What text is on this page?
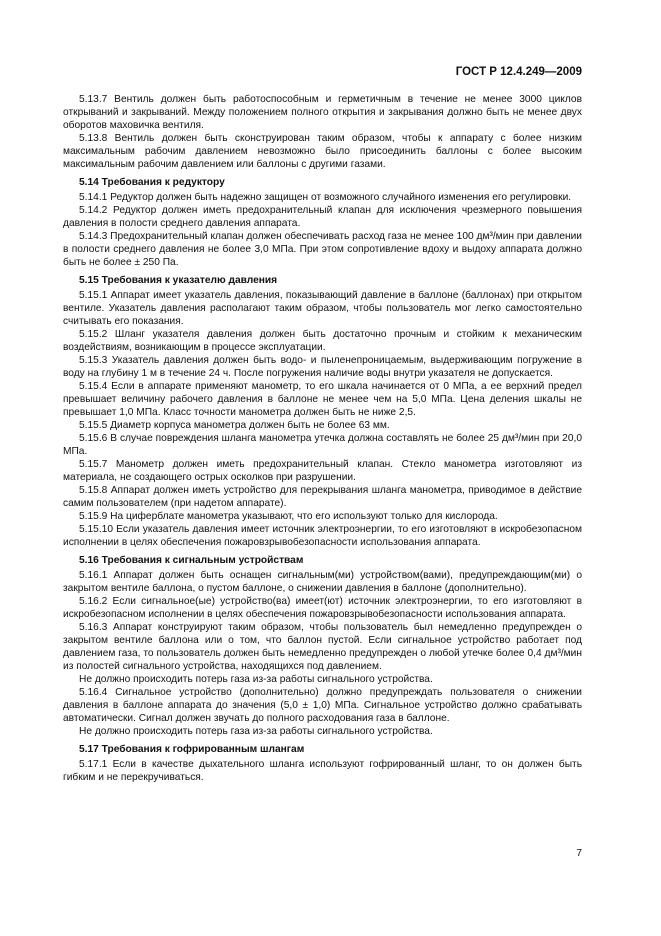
ГОСТ Р 12.4.249—2009

5.13.7 Вентиль должен быть работоспособным и герметичным в течение не менее 3000 циклов открываний и закрываний. Между положением полного открытия и закрывания должно быть не менее двух оборотов маховичка вентиля.

5.13.8 Вентиль должен быть сконструирован таким образом, чтобы к аппарату с более низким максимальным рабочим давлением невозможно было присоединить баллоны с более высоким максимальным рабочим давлением или баллоны с другими газами.

5.14 Требования к редуктору

5.14.1 Редуктор должен быть надежно защищен от возможного случайного изменения его регулировки.

5.14.2 Редуктор должен иметь предохранительный клапан для исключения чрезмерного повышения давления в полости среднего давления аппарата.

5.14.3 Предохранительный клапан должен обеспечивать расход газа не менее 100 дм³/мин при давлении в полости среднего давления не более 3,0 МПа. При этом сопротивление вдоху и выдоху аппарата должно быть не более ± 250 Па.

5.15 Требования к указателю давления

5.15.1 Аппарат имеет указатель давления, показывающий давление в баллоне (баллонах) при открытом вентиле. Указатель давления располагают таким образом, чтобы пользователь мог легко самостоятельно считывать его показания.

5.15.2 Шланг указателя давления должен быть достаточно прочным и стойким к механическим воздействиям, возникающим в процессе эксплуатации.

5.15.3 Указатель давления должен быть водо- и пыленепроницаемым, выдерживающим погружение в воду на глубину 1 м в течение 24 ч. После погружения наличие воды внутри указателя не допускается.

5.15.4 Если в аппарате применяют манометр, то его шкала начинается от 0 МПа, а ее верхний предел превышает величину рабочего давления в баллоне не менее чем на 5,0 МПа. Цена деления шкалы не превышает 1,0 МПа. Класс точности манометра должен быть не ниже 2,5.

5.15.5 Диаметр корпуса манометра должен быть не более 63 мм.

5.15.6 В случае повреждения шланга манометра утечка должна составлять не более 25 дм³/мин при 20,0 МПа.

5.15.7 Манометр должен иметь предохранительный клапан. Стекло манометра изготовляют из материала, не создающего острых осколков при разрушении.

5.15.8 Аппарат должен иметь устройство для перекрывания шланга манометра, приводимое в действие самим пользователем (при надетом аппарате).

5.15.9 На циферблате манометра указывают, что его используют только для кислорода.

5.15.10 Если указатель давления имеет источник электроэнергии, то его изготовляют в искробезопасном исполнении в целях обеспечения пожаровзрывобезопасности использования аппарата.

5.16 Требования к сигнальным устройствам

5.16.1 Аппарат должен быть оснащен сигнальным(ми) устройством(вами), предупреждающим(ми) о закрытом вентиле баллона, о пустом баллоне, о снижении давления в баллоне (дополнительно).

5.16.2 Если сигнальное(ые) устройство(ва) имеет(ют) источник электроэнергии, то его изготовляют в искробезопасном исполнении в целях обеспечения пожаровзрывобезопасности использования аппарата.

5.16.3 Аппарат конструируют таким образом, чтобы пользователь был немедленно предупрежден о закрытом вентиле баллона или о том, что баллон пустой. Если сигнальное устройство работает под давлением газа, то пользователь должен быть немедленно предупрежден о любой утечке более 0,4 дм³/мин из полостей сигнального устройства, находящихся под давлением.

Не должно происходить потерь газа из-за работы сигнального устройства.

5.16.4 Сигнальное устройство (дополнительно) должно предупреждать пользователя о снижении давления в баллоне аппарата до значения (5,0 ± 1,0) МПа. Сигнальное устройство должно срабатывать автоматически. Сигнал должен звучать до полного расходования газа в баллоне.

Не должно происходить потерь газа из-за работы сигнального устройства.

5.17 Требования к гофрированным шлангам

5.17.1 Если в качестве дыхательного шланга используют гофрированный шланг, то он должен быть гибким и не перекручиваться.

7
